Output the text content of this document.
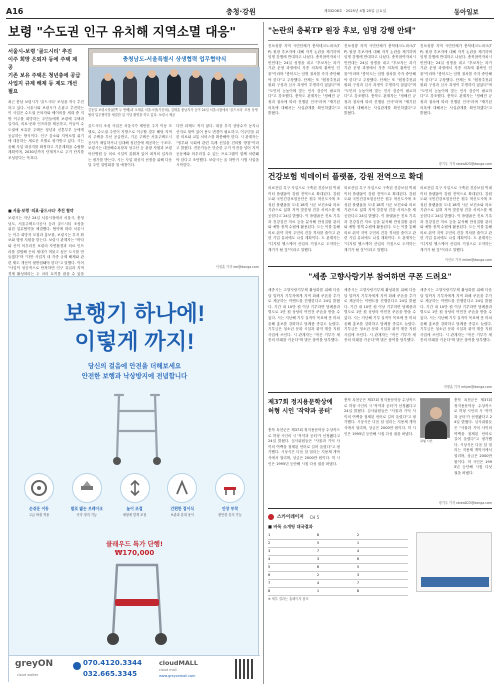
A16	충청·강원	제33208호 · 2025년 4월 25일 금요일	동아일보
보령 "수도권 인구 유치해 지역소멸 대응"
서울시-보령 '골드시티' 추진
이주 희망 은퇴자 등에 주택 제공
기존 보유 주택은 청년층에 공급
사업지 규제 해제 등 제도 개선 필요
충청남도-서울특별시 상생협력 업무협약식
김동일 보령시장(왼쪽 두 번째)과 오세훈 서울시장(가운데), 김태흠 충남지사 등이 24일 서울시청에서 '골드시티' 조성 상생협력 업무협약을 체결한 뒤 기념 촬영을 하고 있다. 보령시 제공
최근 충남 보령시가 '골드시티' 조성을 적극 추진하고 있다. 서울시와 보령시가 손잡고 추진하는 이 사업은 수도권 은퇴자와 베이비붐 세대 중 지방 이주를 희망하는 주민들에게 보령에 주택과 일자리, 의료·문화 인프라를 제공하고, 이들이 수도권에 보유한 주택은 청년과 신혼부부 등에게 공급하는 방식이다. 인구 감소와 지역소멸 위기에 대응하는 새로운 모델로 평가받고 있다. 시는 올해 사업 대상지를 확정하고 기본계획을 수립할 계획이며, 2030년까지 단계적으로 주거 단지를 조성한다는 목표다.
■ 서울·보령 '의료·골드시티' 추진 협약
보령시는 지난 24일 서울시청에서 서울시, 충청남도, 서울주택도시공사 등과 골드시티 조성을 위한 업무협약을 체결했다. 협약에 따라 서울시는 이주 희망자 모집과 홍보를, 보령시는 부지 확보와 행정 지원을 맡는다. 보령시 관계자는 "바다와 산이 어우러진 보령의 자연환경과 의료 인프라를 결합해 은퇴 세대가 머물고 싶은 도시를 만들겠다"며 "다만 사업지 내 각종 규제 해제와 관련 제도 개선이 뒷받침돼야 한다"고 말했다. 이어 "사업이 성공적으로 안착하면 인구 유입과 지역경제 활성화라는 두 마리 토끼를 잡을 수 있을
골드시티 조성 사업은 서울시가 제안한 주거 이동 모델로, 수도권 주민이 지방으로 이주할 경우 해당 지역의 주택을 우선 공급받고, 기존 주택은 서울주택도시공사가 매입하거나 임대해 청년층에 제공하는 구조다. 보령시는 대천해수욕장과 성주산 등 관광 자원과 보령아산병원 등 의료 시설이 갖춰져 있어 최적의 입지라는 평가를 받는다. 시는 사업 대상지 선정을 위해 다음 달 주민 설명회를 열 예정이다.
다만 과제도 적지 않다. 대상 부지 상당수가 농지나 산지로 묶여 있어 용도 변경이 필요하고, 이주민을 위한 의료와 교통 서비스를 확충해야 한다. 시 관계자는 "정부와 국회에 관련 특례 신설을 건의할 방침"이라고 밝혔다. 전문가들은 단순한 주거 이전을 넘어 지역 공동체와 어우러질 수 있는 프로그램이 함께 마련돼야 한다고 조언했다. 보령시는 올 하반기 시범 사업을 시작한다.
이정훈 기자 lee@donga.com
보행기 하나에!
이렇게 까지!
당신의 걸음에 안전을 더해보세요
안전한 보행과 낙상방지에 전념합니다
손쉬운 이동
고급 바퀴 적용
발로 밟는 브레이크
즉각 정지 기능
높이 조절
체형에 맞게 조절
간편한 접이식
보관과 휴대 용이
안장 부착
편안한 휴식 가능
클래우드 특가 단행!
₩170,000
greyON
cloud walker
070.4120.3344
032.665.3345
cloudMALL
cloud mall
www.greyonmall.com
"논란의 충북TP 원장 후보, 임명 강행 안돼"
진보성향 지역 시민단체가 충북테크노파크(TP) 원장 후보자에 대해 자격 논란을 제기하며 임명 강행에 반대하고 나섰다. 충북참여자치시민연대는 24일 성명을 내고 "후보자는 과거 기관 운영 과정에서 각종 의혹에 휩싸인 인물"이라며 "충북도는 임명 절차를 즉각 중단해야 한다"고 주장했다. 단체는 또 "원장추천위원회 구성과 심사 과정이 투명하지 않았다"며 "도민의 눈높이에 맞는 인사 검증이 필요하다"고 강조했다. 충북도 관계자는 "정해진 규정과 절차에 따라 진행된 인사"라며 "제기된 의혹에 대해서는 사실관계를 확인하겠다"고 밝혔다.
진보성향 지역 시민단체가 충북테크노파크(TP) 원장 후보자에 대해 자격 논란을 제기하며 임명 강행에 반대하고 나섰다. 충북참여자치시민연대는 24일 성명을 내고 "후보자는 과거 기관 운영 과정에서 각종 의혹에 휩싸인 인물"이라며 "충북도는 임명 절차를 즉각 중단해야 한다"고 주장했다. 단체는 또 "원장추천위원회 구성과 심사 과정이 투명하지 않았다"며 "도민의 눈높이에 맞는 인사 검증이 필요하다"고 강조했다. 충북도 관계자는 "정해진 규정과 절차에 따라 진행된 인사"라며 "제기된 의혹에 대해서는 사실관계를 확인하겠다"고 밝혔다.
진보성향 지역 시민단체가 충북테크노파크(TP) 원장 후보자에 대해 자격 논란을 제기하며 임명 강행에 반대하고 나섰다. 충북참여자치시민연대는 24일 성명을 내고 "후보자는 과거 기관 운영 과정에서 각종 의혹에 휩싸인 인물"이라며 "충북도는 임명 절차를 즉각 중단해야 한다"고 주장했다. 단체는 또 "원장추천위원회 구성과 심사 과정이 투명하지 않았다"며 "도민의 눈높이에 맞는 인사 검증이 필요하다"고 강조했다. 충북도 관계자는 "정해진 규정과 절차에 따라 진행된 인사"라며 "제기된 의혹에 대해서는 사실관계를 확인하겠다"고 밝혔다.
장기우 기자 straw825@donga.com
건강보험 빅데이터 플랫폼, 강원 전역으로 확대
의료산업 특구 사업으로 구축된 건강보험 빅데이터 플랫폼이 강원 전역으로 확대된다. 강원도와 국민건강보험공단은 원주 혁신도시에 조성된 플랫폼을 도내 18개 시군 보건소와 의료기관으로 넓혀 지역 맞춤형 건강 서비스를 제공한다고 24일 밝혔다. 이 플랫폼은 진료 기록과 건강검진 자료 등을 분석해 만성질환 관리와 예방 정책 수립에 활용된다. 도는 이를 통해 의료 취약 지역 주민의 건강 격차를 줄이고 관련 기업 유치에도 나설 계획이다. 도 관계자는 "디지털 헬스케어 산업의 거점으로 도약하는 계기가 될 것"이라고 말했다.
의료산업 특구 사업으로 구축된 건강보험 빅데이터 플랫폼이 강원 전역으로 확대된다. 강원도와 국민건강보험공단은 원주 혁신도시에 조성된 플랫폼을 도내 18개 시군 보건소와 의료기관으로 넓혀 지역 맞춤형 건강 서비스를 제공한다고 24일 밝혔다. 이 플랫폼은 진료 기록과 건강검진 자료 등을 분석해 만성질환 관리와 예방 정책 수립에 활용된다. 도는 이를 통해 의료 취약 지역 주민의 건강 격차를 줄이고 관련 기업 유치에도 나설 계획이다. 도 관계자는 "디지털 헬스케어 산업의 거점으로 도약하는 계기가 될 것"이라고 말했다.
의료산업 특구 사업으로 구축된 건강보험 빅데이터 플랫폼이 강원 전역으로 확대된다. 강원도와 국민건강보험공단은 원주 혁신도시에 조성된 플랫폼을 도내 18개 시군 보건소와 의료기관으로 넓혀 지역 맞춤형 건강 서비스를 제공한다고 24일 밝혔다. 이 플랫폼은 진료 기록과 건강검진 자료 등을 분석해 만성질환 관리와 예방 정책 수립에 활용된다. 도는 이를 통해 의료 취약 지역 주민의 건강 격차를 줄이고 관련 기업 유치에도 나설 계획이다. 도 관계자는 "디지털 헬스케어 산업의 거점으로 도약하는 계기가 될 것"이라고 말했다.
이인모 기자 imlee@donga.com
"세종 고향사랑기부 참여하면 쿠폰 드려요"
세종시는 고향사랑기부제 활성화를 위해 다음 달 말까지 기부자에게 지역 화폐 쿠폰을 추가로 제공하는 이벤트를 진행한다고 24일 밝혔다. 기간 내 10만 원 이상 기부하면 답례품과 별도로 1만 원 상당의 여민전 쿠폰을 받을 수 있다. 시는 지난해 기부 실적이 목표에 못 미쳐 올해 홍보를 강화하고 답례품 종류도 늘렸다. 기부금은 청소년 문화 시설과 취약 계층 지원 사업에 쓰인다. 시 관계자는 "작은 기부가 세종의 미래를 키운다"며 많은 참여를 당부했다.
세종시는 고향사랑기부제 활성화를 위해 다음 달 말까지 기부자에게 지역 화폐 쿠폰을 추가로 제공하는 이벤트를 진행한다고 24일 밝혔다. 기간 내 10만 원 이상 기부하면 답례품과 별도로 1만 원 상당의 여민전 쿠폰을 받을 수 있다. 시는 지난해 기부 실적이 목표에 못 미쳐 올해 홍보를 강화하고 답례품 종류도 늘렸다. 기부금은 청소년 문화 시설과 취약 계층 지원 사업에 쓰인다. 시 관계자는 "작은 기부가 세종의 미래를 키운다"며 많은 참여를 당부했다.
세종시는 고향사랑기부제 활성화를 위해 다음 달 말까지 기부자에게 지역 화폐 쿠폰을 추가로 제공하는 이벤트를 진행한다고 24일 밝혔다. 기간 내 10만 원 이상 기부하면 답례품과 별도로 1만 원 상당의 여민전 쿠폰을 받을 수 있다. 시는 지난해 기부 실적이 목표에 못 미쳐 올해 홍보를 강화하고 답례품 종류도 늘렸다. 기부금은 청소년 문화 시설과 취약 계층 지원 사업에 쓰인다. 시 관계자는 "작은 기부가 세종의 미래를 키운다"며 많은 참여를 당부했다.
지명훈 기자 mhjee@donga.com
제37회 정지용문학상에 허형 시인 '작약과 공터'
충북 옥천군은 제37회 정지용문학상 수상작으로 허형 시인의 시 '작약과 공터'가 선정됐다고 24일 밝혔다. 심사위원들은 "사물과 기억 사이의 여백을 절제된 언어로 길어 올렸다"고 평가했다. 시상식은 다음 달 열리는 지용제 개막식에서 열리며, 상금은 2000만 원이다. 허 시인은 1995년 등단해 시집 다섯 권을 펴냈다.
충북 옥천군은 제37회 정지용문학상 수상작으로 허형 시인의 시 '작약과 공터'가 선정됐다고 24일 밝혔다. 심사위원들은 "사물과 기억 사이의 여백을 절제된 언어로 길어 올렸다"고 평가했다. 시상식은 다음 달 열리는 지용제 개막식에서 열리며, 상금은 2000만 원이다. 허 시인은 1995년 등단해 시집 다섯 권을 펴냈다.
허형 시인
충북 옥천군은 제37회 정지용문학상 수상작으로 허형 시인의 시 '작약과 공터'가 선정됐다고 24일 밝혔다. 심사위원들은 "사물과 기억 사이의 여백을 절제된 언어로 길어 올렸다"고 평가했다. 시상식은 다음 달 열리는 지용제 개막식에서 열리며, 상금은 2000만 원이다. 허 시인은 1995년 등단해 시집 다섯 권을 펴냈다.
장기우 기자 straw825@donga.com
스카이레이저 CH 5
■ 바둑 소개팅 대국결과
1	8	2
2	5	1
3	7	4
4	3	6
5	6	5
6	2	3
7	4	7
8	1	8
※ 세부 결과는 홈페이지 참조
